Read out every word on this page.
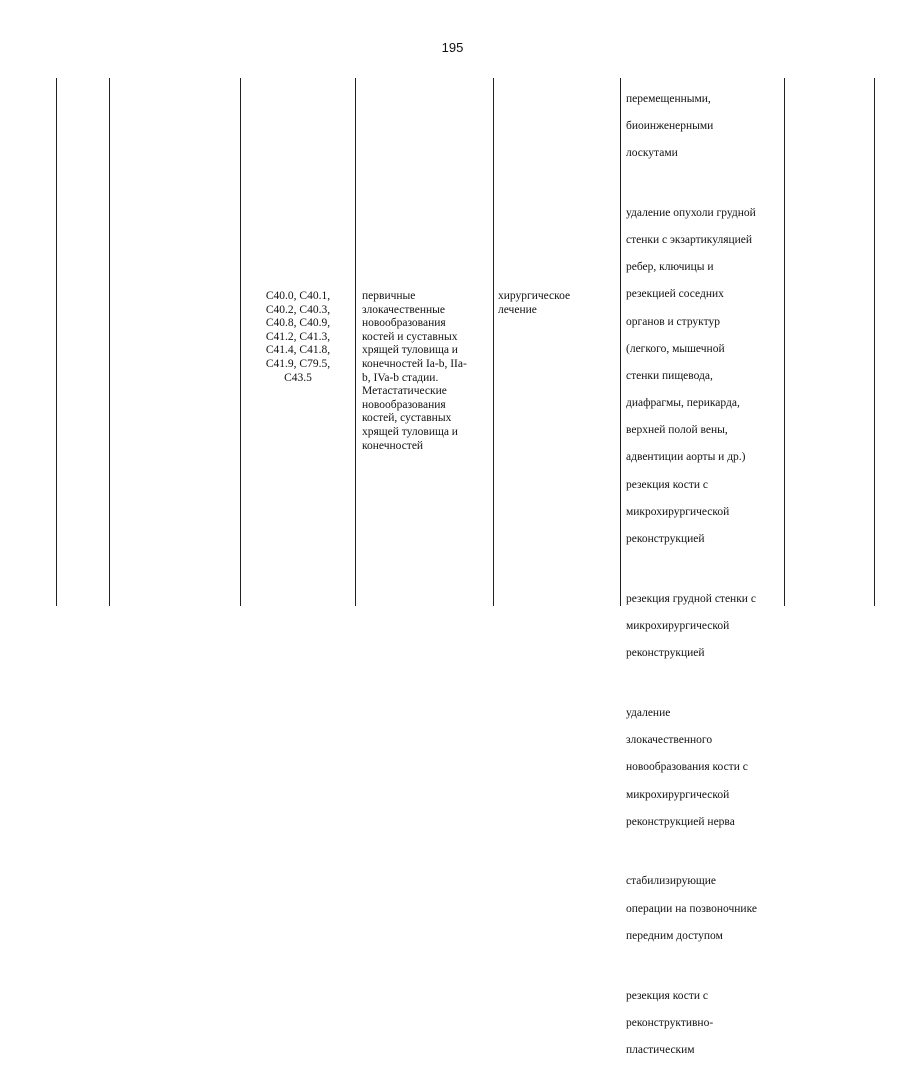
195
C40.0, C40.1,
C40.2, C40.3,
C40.8, C40.9,
C41.2, C41.3,
C41.4, C41.8,
C41.9, C79.5,
C43.5
первичные
злокачественные
новообразования
костей и суставных
хрящей туловища и
конечностей Ia-b, IIa-
b, IVa-b стадии.
Метастатические
новообразования
костей, суставных
хрящей туловища и
конечностей
хирургическое
лечение

перемещенными,

биоинженерными

лоскутами

удаление опухоли грудной

стенки с экзартикуляцией

ребер, ключицы и

резекцией соседних

органов и структур

(легкого, мышечной

стенки пищевода,

диафрагмы, перикарда,

верхней полой вены,

адвентиции аорты и др.)

резекция кости с

микрохирургической

реконструкцией

резекция грудной стенки с

микрохирургической

реконструкцией

удаление

злокачественного

новообразования кости с

микрохирургической

реконструкцией нерва

стабилизирующие

операции на позвоночнике

передним доступом

резекция кости с

реконструктивно-

пластическим
